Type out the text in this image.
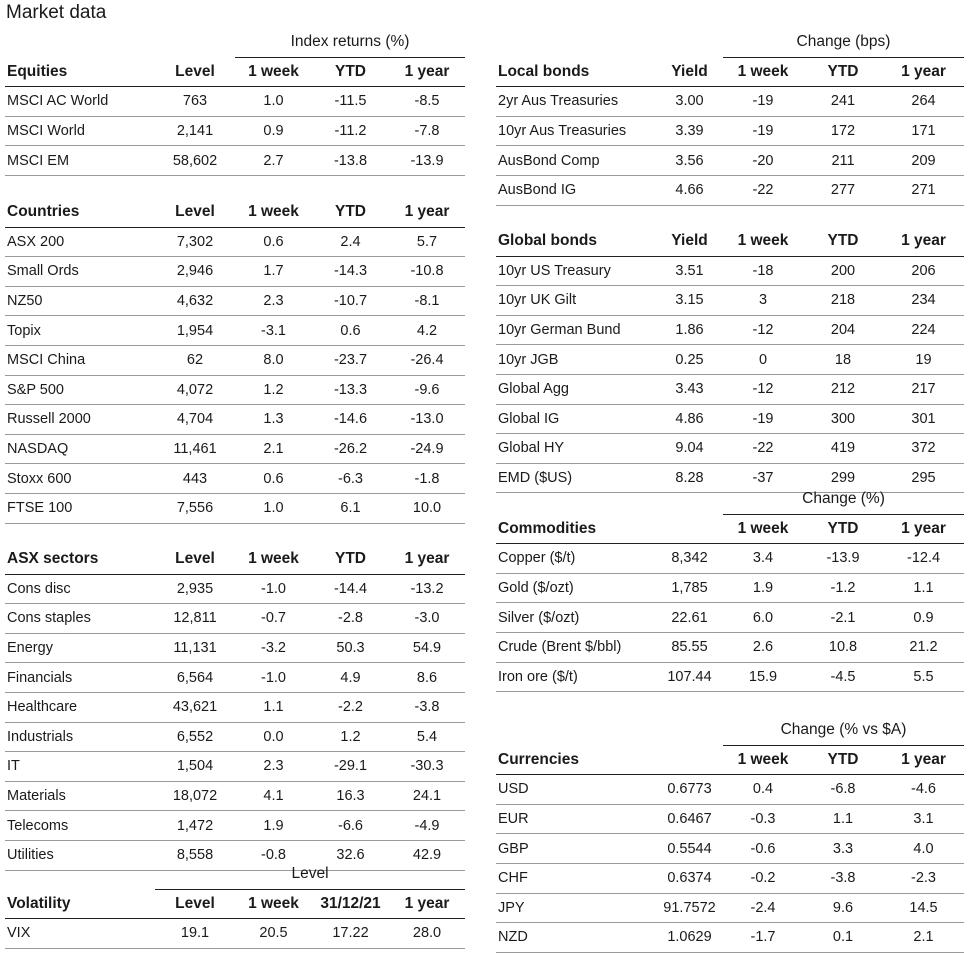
Market data
		Index returns (%)		
Equities	Level	1 week	YTD	1 year
MSCI AC World	763	1.0	-11.5	-8.5
MSCI World	2,141	0.9	-11.2	-7.8
MSCI EM	58,602	2.7	-13.8	-13.9
Countries	Level	1 week	YTD	1 year
ASX 200	7,302	0.6	2.4	5.7
Small Ords	2,946	1.7	-14.3	-10.8
NZ50	4,632	2.3	-10.7	-8.1
Topix	1,954	-3.1	0.6	4.2
MSCI China	62	8.0	-23.7	-26.4
S&P 500	4,072	1.2	-13.3	-9.6
Russell 2000	4,704	1.3	-14.6	-13.0
NASDAQ	11,461	2.1	-26.2	-24.9
Stoxx 600	443	0.6	-6.3	-1.8
FTSE 100	7,556	1.0	6.1	10.0
ASX sectors	Level	1 week	YTD	1 year
Cons disc	2,935	-1.0	-14.4	-13.2
Cons staples	12,811	-0.7	-2.8	-3.0
Energy	11,131	-3.2	50.3	54.9
Financials	6,564	-1.0	4.9	8.6
Healthcare	43,621	1.1	-2.2	-3.8
Industrials	6,552	0.0	1.2	5.4
IT	1,504	2.3	-29.1	-30.3
Materials	18,072	4.1	16.3	24.1
Telecoms	1,472	1.9	-6.6	-4.9
Utilities	8,558	-0.8	32.6	42.9
	Level			
Volatility	Level	1 week	31/12/21	1 year
VIX	19.1	20.5	17.22	28.0
		Change (bps)		
Local bonds	Yield	1 week	YTD	1 year
2yr Aus Treasuries	3.00	-19	241	264
10yr Aus Treasuries	3.39	-19	172	171
AusBond Comp	3.56	-20	211	209
AusBond IG	4.66	-22	277	271
Global bonds	Yield	1 week	YTD	1 year
10yr US Treasury	3.51	-18	200	206
10yr UK Gilt	3.15	3	218	234
10yr German Bund	1.86	-12	204	224
10yr JGB	0.25	0	18	19
Global Agg	3.43	-12	212	217
Global IG	4.86	-19	300	301
Global HY	9.04	-22	419	372
EMD ($US)	8.28	-37	299	295
		Change (%)		
Commodities		1 week	YTD	1 year
Copper ($/t)	8,342	3.4	-13.9	-12.4
Gold ($/ozt)	1,785	1.9	-1.2	1.1
Silver ($/ozt)	22.61	6.0	-2.1	0.9
Crude (Brent $/bbl)	85.55	2.6	10.8	21.2
Iron ore ($/t)	107.44	15.9	-4.5	5.5
		Change (% vs $A)		
Currencies		1 week	YTD	1 year
USD	0.6773	0.4	-6.8	-4.6
EUR	0.6467	-0.3	1.1	3.1
GBP	0.5544	-0.6	3.3	4.0
CHF	0.6374	-0.2	-3.8	-2.3
JPY	91.7572	-2.4	9.6	14.5
NZD	1.0629	-1.7	0.1	2.1
